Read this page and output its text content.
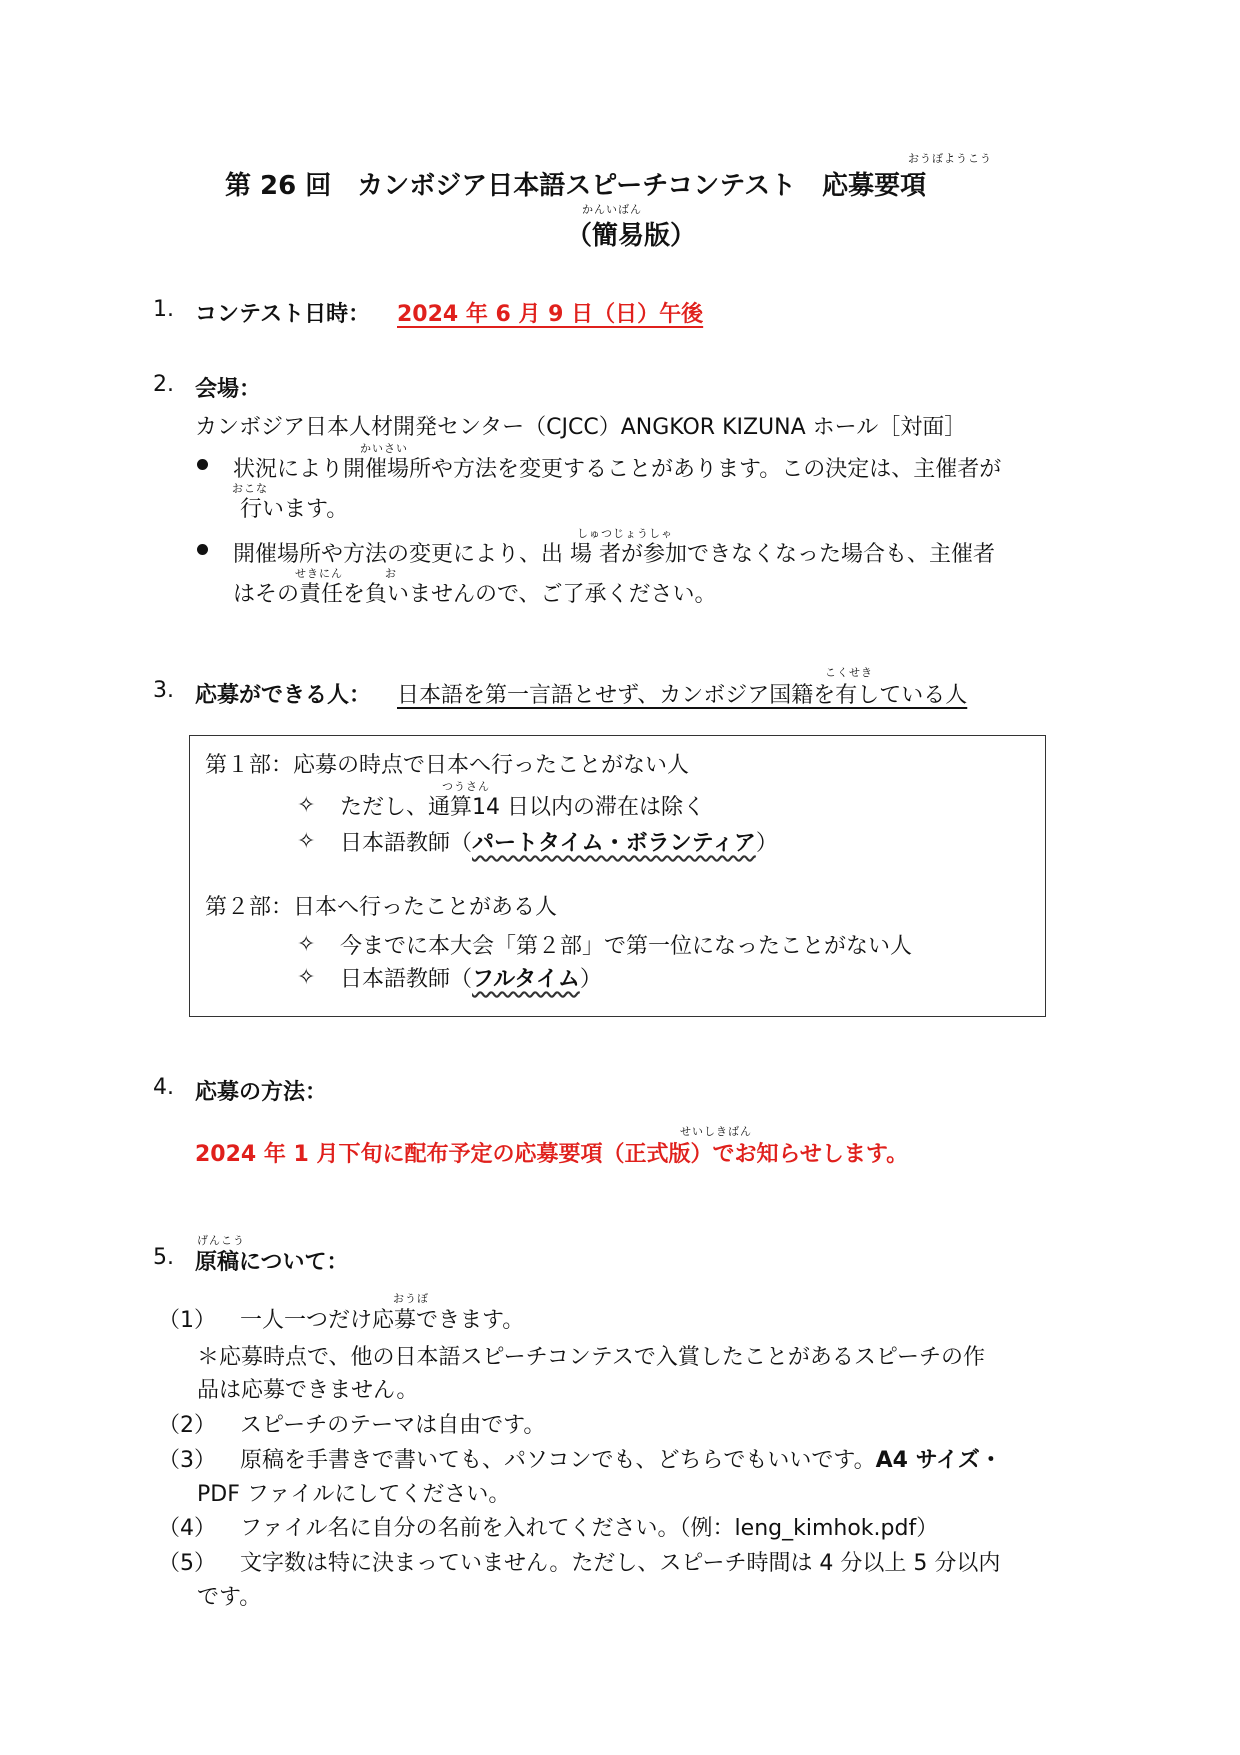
おうぼようこう
第 26 回　カンボジア日本語スピーチコンテスト　応募要項
かんいばん
（簡易版）
1. コンテスト日時： 2024 年 6 月 9 日（日）午後
2. 会場：
カンボジア日本人材開発センター（CJCC）ANGKOR KIZUNA ホール［対面］
かいさい
状況により開催場所や方法を変更することがあります。この決定は、主催者が
おこな
行います。
しゅつじょうしゃ
開催場所や方法の変更により、出 場 者が参加できなくなった場合も、主催者
せきにん	お
はその責任を負いませんので、ご了承ください。
3. 応募ができる人：
こくせき
日本語を第一言語とせず、カンボジア国籍を有している人
第１部：応募の時点で日本へ行ったことがない人
✧
つうさん
ただし、通算14 日以内の滞在は除く
✧ 日本語教師（パートタイム・ボランティア）
第２部：日本へ行ったことがある人
✧ 今までに本大会「第２部」で第一位になったことがない人
✧ 日本語教師（フルタイム）
4. 応募の方法：
せいしきばん
2024 年 1 月下旬に配布予定の応募要項（正式版）でお知らせします。
5.
げんこう
原稿について：
（1）
おうぼ
一人一つだけ応募できます。
＊応募時点で、他の日本語スピーチコンテスで入賞したことがあるスピーチの作
品は応募できません。
（2） スピーチのテーマは自由です。
（3） 原稿を手書きで書いても、パソコンでも、どちらでもいいです。A4 サイズ・
PDF ファイルにしてください。
（4） ファイル名に自分の名前を入れてください。（例：leng_kimhok.pdf）
（5） 文字数は特に決まっていません。ただし、スピーチ時間は 4 分以上 5 分以内
です。
